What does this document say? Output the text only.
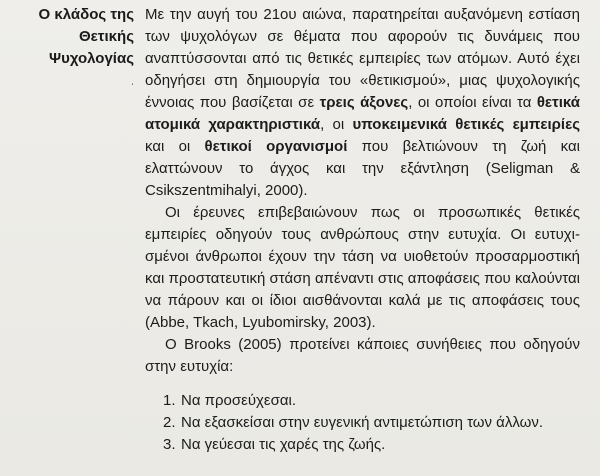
Ο κλάδος της
Θετικής
Ψυχολογίας
ˌ

Με την αυγή του 21ου αιώνα, παρατηρείται αυξανόμενη εστίαση των ψυχολόγων σε θέματα που αφορούν τις δυνάμεις που αναπτύσσονται από τις θετικές εμπειρίες των ατόμων. Αυτό έχει οδηγήσει στη δημιουργία του «θετικισμού», μιας ψυχολογικής έννοιας που βασίζεται σε τρεις άξονες, οι οποίοι είναι τα θετικά ατομικά χαρακτηριστικά, οι υποκειμενικά θετικές εμπειρίες και οι θετικοί οργανισμοί που βελτιώνουν τη ζωή και ελαττώνουν το άγχος και την εξάντληση (Seligman & Csikszentmihalyi, 2000).

Οι έρευνες επιβεβαιώνουν πως οι προσωπικές θετικές εμπειρίες οδηγούν τους ανθρώπους στην ευτυχία. Οι ευτυχισμένοι άνθρωποι έχουν την τάση να υιοθετούν προσαρμοστική και προστατευτική στάση απέναντι στις αποφάσεις που καλούνται να πάρουν και οι ίδιοι αισθάνονται καλά με τις αποφάσεις τους (Abbe, Tkach, Lyubomirsky, 2003).

Ο Brooks (2005) προτείνει κάποιες συνήθειες που οδηγούν στην ευτυχία:

1. Να προσεύχεσαι.
2. Να εξασκείσαι στην ευγενική αντιμετώπιση των άλλων.
3. Να γεύεσαι τις χαρές της ζωής.
